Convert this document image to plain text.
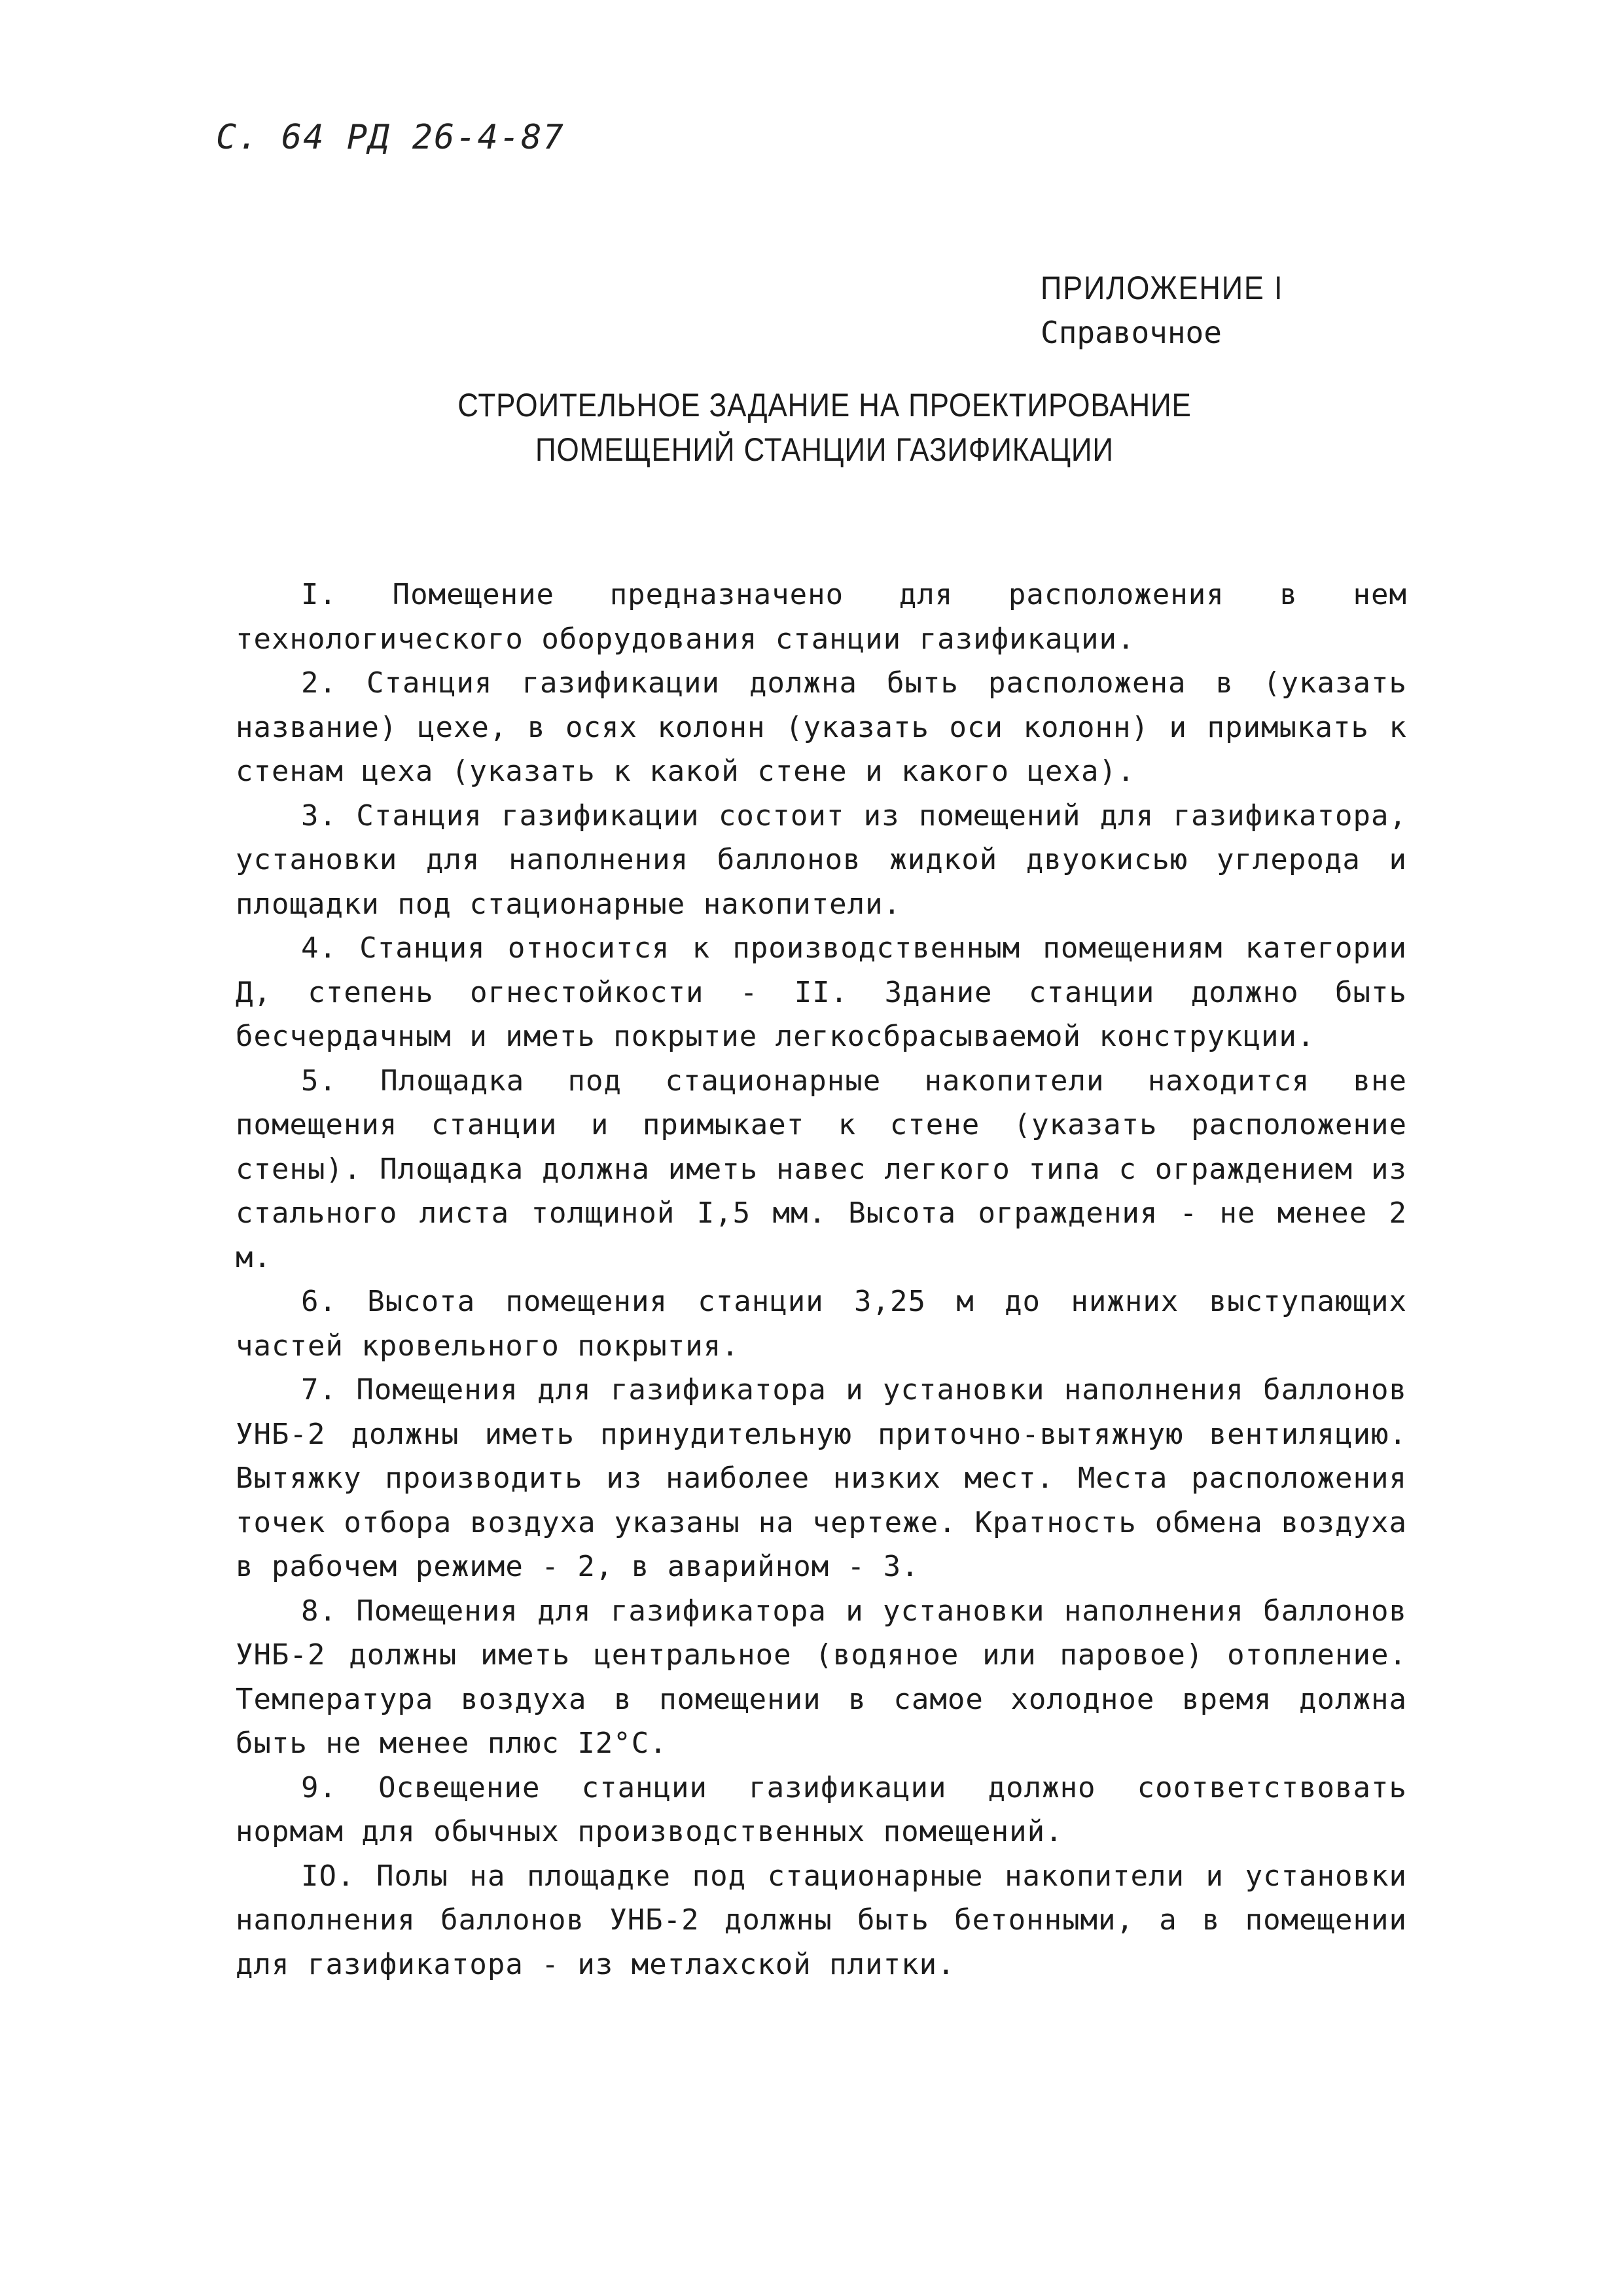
С. 64 РД 26-4-87
ПРИЛОЖЕНИЕ I
Справочное
СТРОИТЕЛЬНОЕ ЗАДАНИЕ НА ПРОЕКТИРОВАНИЕ
ПОМЕЩЕНИЙ СТАНЦИИ ГАЗИФИКАЦИИ

I. Помещение предназначено для расположения в нем технологического оборудования станции газификации.

2. Станция газификации должна быть расположена в (указать название) цехе, в осях колонн (указать оси колонн) и примыкать к стенам цеха (указать к какой стене и какого цеха).

3. Станция газификации состоит из помещений для газификатора, установки для наполнения баллонов жидкой двуокисью углерода и площадки под стационарные накопители.

4. Станция относится к производственным помещениям категории Д, степень огнестойкости - II. Здание станции должно быть бесчердачным и иметь покрытие легкосбрасываемой конструкции.

5. Площадка под стационарные накопители находится вне помещения станции и примыкает к стене (указать расположение стены). Площадка должна иметь навес легкого типа с ограждением из стального листа толщиной I,5 мм. Высота ограждения - не менее 2 м.

6. Высота помещения станции 3,25 м до нижних выступающих частей кровельного покрытия.

7. Помещения для газификатора и установки наполнения баллонов УНБ-2 должны иметь принудительную приточно-вытяжную вентиляцию. Вытяжку производить из наиболее низких мест. Места расположения точек отбора воздуха указаны на чертеже. Кратность обмена воздуха в рабочем режиме - 2, в аварийном - 3.

8. Помещения для газификатора и установки наполнения баллонов УНБ-2 должны иметь центральное (водяное или паровое) отопление. Температура воздуха в помещении в самое холодное время должна быть не менее плюс I2°С.

9. Освещение станции газификации должно соответствовать нормам для обычных производственных помещений.

IO. Полы на площадке под стационарные накопители и установки наполнения баллонов УНБ-2 должны быть бетонными, а в помещении для газификатора - из метлахской плитки.
